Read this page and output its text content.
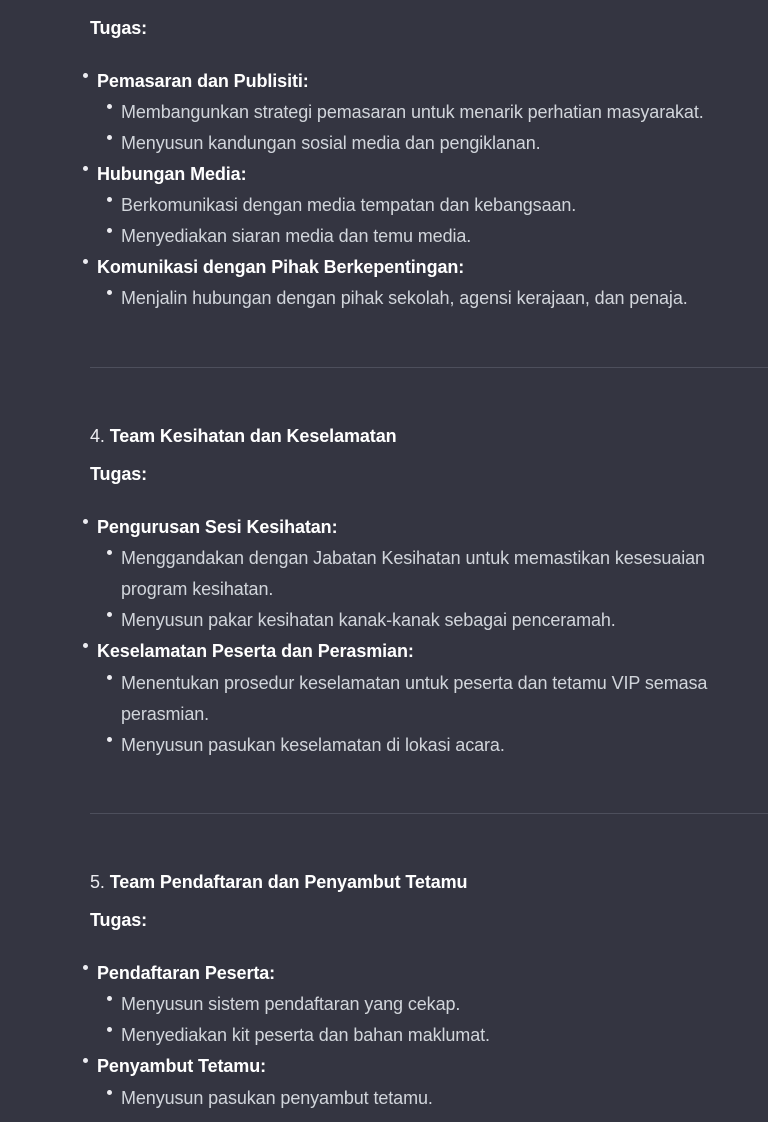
Tugas:
Pemasaran dan Publisiti:
Membangunkan strategi pemasaran untuk menarik perhatian masyarakat.
Menyusun kandungan sosial media dan pengiklanan.
Hubungan Media:
Berkomunikasi dengan media tempatan dan kebangsaan.
Menyediakan siaran media dan temu media.
Komunikasi dengan Pihak Berkepentingan:
Menjalin hubungan dengan pihak sekolah, agensi kerajaan, dan penaja.
4. Team Kesihatan dan Keselamatan
Tugas:
Pengurusan Sesi Kesihatan:
Menggandakan dengan Jabatan Kesihatan untuk memastikan kesesuaian
program kesihatan.
Menyusun pakar kesihatan kanak-kanak sebagai penceramah.
Keselamatan Peserta dan Perasmian:
Menentukan prosedur keselamatan untuk peserta dan tetamu VIP semasa
perasmian.
Menyusun pasukan keselamatan di lokasi acara.
5. Team Pendaftaran dan Penyambut Tetamu
Tugas:
Pendaftaran Peserta:
Menyusun sistem pendaftaran yang cekap.
Menyediakan kit peserta dan bahan maklumat.
Penyambut Tetamu:
Menyusun pasukan penyambut tetamu.
